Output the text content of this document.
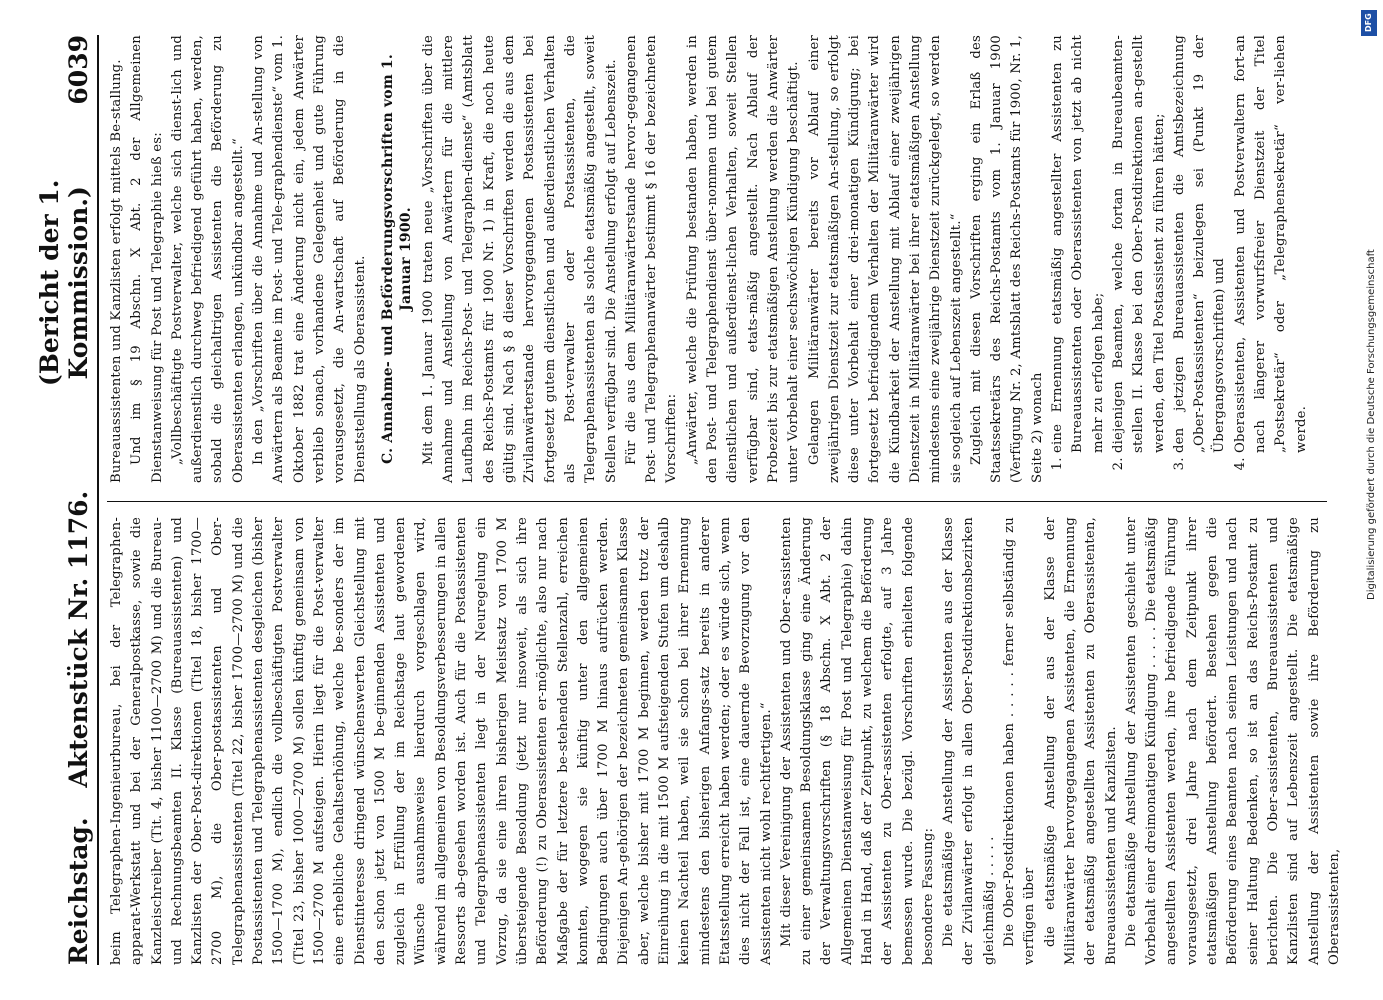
Reichstag.
Aktenstück Nr. 1176.
(Bericht der 1. Kommission.)
6039

beim Telegraphen-Ingenieurbureau, bei der Telegraphen-apparat-Werkstatt und bei der Generalpostkasse, sowie die Kanzleischreiber (Tit. 4, bisher 1100—2700 M) und die Bureau- und Rechnungsbeamten II. Klasse (Bureauassistenten) und Kanzlisten der Ober-Post-direktionen (Titel 18, bisher 1700—2700 M), die Ober-postassistenten und Ober-Telegraphenassistenten (Titel 22, bisher 1700—2700 M) und die Postassistenten und Telegraphenassistenten desgleichen (bisher 1500—1700 M), endlich die vollbeschäftigten Postverwalter (Titel 23, bisher 1000—2700 M) sollen künftig gemeinsam von 1500—2700 M aufsteigen. Hierin liegt für die Post-verwalter eine erhebliche Gehaltserhöhung, welche be-sonders der im Dienstinteresse dringend wünschenswerten Gleichstellung mit den schon jetzt von 1500 M be-ginnenden Assistenten und zugleich in Erfüllung der im Reichstage laut gewordenen Wünsche ausnahmsweise hierdurch vorgeschlagen wird, während im allgemeinen von Besoldungsverbesserungen in allen Ressorts ab-gesehen worden ist. Auch für die Postassistenten und Telegraphenassistenten liegt in der Neuregelung ein Vorzug, da sie eine ihren bisherigen Meistsatz von 1700 M übersteigende Besoldung (jetzt nur insoweit, als sich ihre Beförderung (!) zu Oberassistenten er-möglichte, also nur nach Maßgabe der für letztere be-stehenden Stellenzahl, erreichen konnten, wogegen sie künftig unter den allgemeinen Bedingungen auch über 1700 M hinaus aufrücken werden. Diejenigen An-gehörigen der bezeichneten gemeinsamen Klasse aber, welche bisher mit 1700 M beginnen, werden trotz der Einreihung in die mit 1500 M aufsteigenden Stufen um deshalb keinen Nachteil haben, weil sie schon bei ihrer Ernennung mindestens den bisherigen Anfangs-satz bereits in anderer Etatsstellung erreicht haben werden; oder es würde sich, wenn dies nicht der Fall ist, eine dauernde Bevorzugung vor den Assistenten nicht wohl rechtfertigen.“ Mit dieser Vereinigung der Assistenten und Ober-assistenten zu einer gemeinsamen Besoldungsklasse ging eine Änderung der Verwaltungsvorschriften (§ 18 Abschn. X Abt. 2 der Allgemeinen Dienstanweisung für Post und Telegraphie) dahin Hand in Hand, daß der Zeitpunkt, zu welchem die Beförderung der Assistenten zu Ober-assistenten erfolgte, auf 3 Jahre bemessen wurde. Die bezügl. Vorschriften erhielten folgende besondere Fassung: Die etatsmäßige Anstellung der Assistenten aus der Klasse der Zivilanwärter erfolgt in allen Ober-Postdirektionsbezirken gleichmäßig . . . . . Die Ober-Postdirektionen haben . . . . . ferner selbständig zu verfügen über die etatsmäßige Anstellung der aus der Klasse der Militäranwärter hervorgegangenen Assistenten, die Ernennung der etatsmäßig angestellten Assistenten zu Oberassistenten, Bureauassistenten und Kanzlisten. Die etatsmäßige Anstellung der Assistenten geschieht unter Vorbehalt einer dreimonatigen Kündigung . . . . . Die etatsmäßig angestellten Assistenten werden, ihre befriedigende Führung vorausgesetzt, drei Jahre nach dem Zeitpunkt ihrer etatsmäßigen Anstellung befördert. Bestehen gegen die Beförderung eines Beamten nach seinen Leistungen und nach seiner Haltung Bedenken, so ist an das Reichs-Postamt zu berichten. Die Ober-assistenten, Bureauassistenten und Kanzlisten sind auf Lebenszeit angestellt. Die etatsmäßige Anstellung der Assistenten sowie ihre Beförderung zu Oberassistenten,

Bureauassistenten und Kanzlisten erfolgt mittels Be-stallung. Und im § 19 Abschn. X Abt. 2 der Allgemeinen Dienstanweisung für Post und Telegraphie hieß es: „Vollbeschäftigte Postverwalter, welche sich dienst-lich und außerdienstlich durchweg befriedigend geführt haben, werden, sobald die gleichaltrigen Assistenten die Beförderung zu Oberassistenten erlangen, unkündbar angestellt.“ In den „Vorschriften über die Annahme und An-stellung von Anwärtern als Beamte im Post- und Tele-graphendienste“ vom 1. Oktober 1882 trat eine Änderung nicht ein, jedem Anwärter verblieb sonach, vorhandene Gelegenheit und gute Führung vorausgesetzt, die An-wartschaft auf Beförderung in die Dienststellung als Oberassistent. C. Annahme- und Beförderungsvorschriften vom 1. Januar 1900. Mit dem 1. Januar 1900 traten neue „Vorschriften über die Annahme und Anstellung von Anwärtern für die mittlere Laufbahn im Reichs-Post- und Telegraphen-dienste“ (Amtsblatt des Reichs-Postamts für 1900 Nr. 1) in Kraft, die noch heute gültig sind. Nach § 8 dieser Vorschriften werden die aus dem Zivilanwärterstande hervorgegangenen Postassistenten bei fortgesetzt gutem dienstlichen und außerdienstlichen Verhalten als Post-verwalter oder Postassistenten, die Telegraphenassistenten als solche etatsmäßig angestellt, soweit Stellen verfügbar sind. Die Anstellung erfolgt auf Lebenszeit. Für die aus dem Militäranwärterstande hervor-gegangenen Post- und Telegraphenanwärter bestimmt § 16 der bezeichneten Vorschriften: „Anwärter, welche die Prüfung bestanden haben, werden in den Post- und Telegraphendienst über-nommen und bei gutem dienstlichen und außerdienst-lichen Verhalten, soweit Stellen verfügbar sind, etats-mäßig angestellt. Nach Ablauf der Probezeit bis zur etatsmäßigen Anstellung werden die Anwärter unter Vorbehalt einer sechswöchigen Kündigung beschäftigt. Gelangen Militäranwärter bereits vor Ablauf einer zweijährigen Dienstzeit zur etatsmäßigen An-stellung, so erfolgt diese unter Vorbehalt einer drei-monatigen Kündigung; bei fortgesetzt befriedigendem Verhalten der Militäranwärter wird die Kündbarkeit der Anstellung mit Ablauf einer zweijährigen Dienstzeit in Militäranwärter bei ihrer etatsmäßigen Anstellung mindestens eine zweijährige Dienstzeit zurückgelegt, so werden sie sogleich auf Lebenszeit angestellt.“ Zugleich mit diesen Vorschriften erging ein Erlaß des Staatssekretärs des Reichs-Postamts vom 1. Januar 1900 (Verfügung Nr. 2, Amtsblatt des Reichs-Postamts für 1900, Nr. 1, Seite 2) wonach 1. eine Ernennung etatsmäßig angestellter Assistenten zu Bureauassistenten oder Oberassistenten von jetzt ab nicht mehr zu erfolgen habe; 2. diejenigen Beamten, welche fortan in Bureaubeamten-stellen II. Klasse bei den Ober-Postdirektionen an-gestellt werden, den Titel Postassistent zu führen hätten; 3. den jetzigen Bureauassistenten die Amtsbezeichnung „Ober-Postassistenten“ beizulegen sei (Punkt 19 der Übergangsvorschriften) und 4. Oberassistenten, Assistenten und Postverwaltern fort-an nach längerer vorwurfsfreier Dienstzeit der Titel „Postsekretär“ oder „Telegraphensekretär“ ver-liehen werde.
DFG
Digitalisierung gefördert durch die Deutsche Forschungsgemeinschaft
